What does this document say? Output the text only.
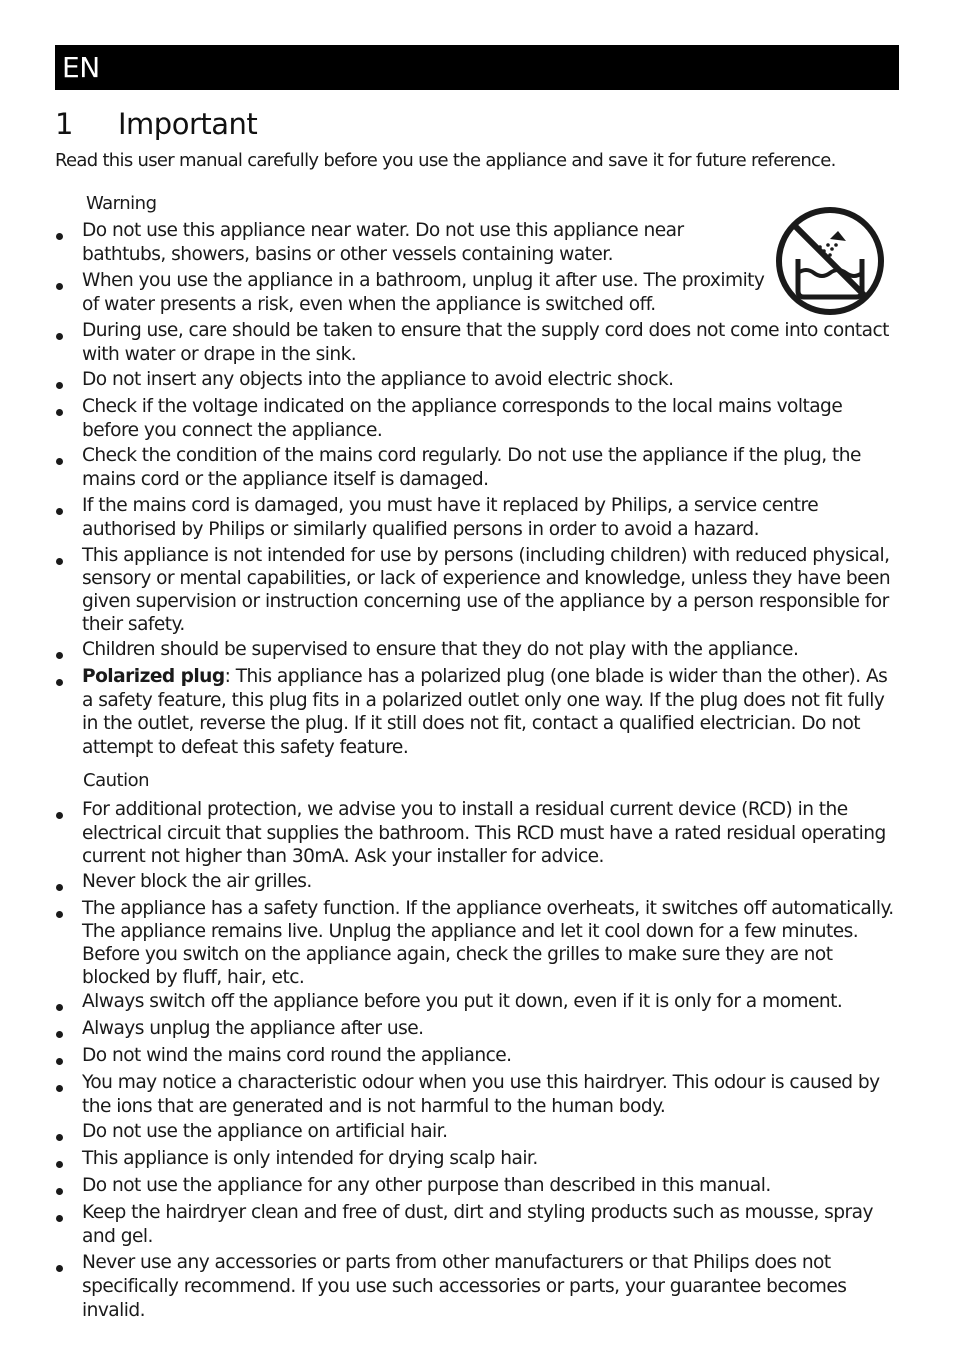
EN
1 Important
Read this user manual carefully before you use the appliance and save it for future reference.
Warning
Do not use this appliance near water. Do not use this appliance near bathtubs, showers, basins or other vessels containing water.
When you use the appliance in a bathroom, unplug it after use. The proximity of water presents a risk, even when the appliance is switched off.
During use, care should be taken to ensure that the supply cord does not come into contact with water or drape in the sink.
Do not insert any objects into the appliance to avoid electric shock.
Check if the voltage indicated on the appliance corresponds to the local mains voltage before you connect the appliance.
Check the condition of the mains cord regularly. Do not use the appliance if the plug, the mains cord or the appliance itself is damaged.
If the mains cord is damaged, you must have it replaced by Philips, a service centre authorised by Philips or similarly qualified persons in order to avoid a hazard.
This appliance is not intended for use by persons (including children) with reduced physical, sensory or mental capabilities, or lack of experience and knowledge, unless they have been given supervision or instruction concerning use of the appliance by a person responsible for their safety.
Children should be supervised to ensure that they do not play with the appliance.
Polarized plug: This appliance has a polarized plug (one blade is wider than the other). As a safety feature, this plug fits in a polarized outlet only one way. If the plug does not fit fully in the outlet, reverse the plug. If it still does not fit, contact a qualified electrician. Do not attempt to defeat this safety feature.
Caution
For additional protection, we advise you to install a residual current device (RCD) in the electrical circuit that supplies the bathroom. This RCD must have a rated residual operating current not higher than 30mA. Ask your installer for advice.
Never block the air grilles.
The appliance has a safety function. If the appliance overheats, it switches off automatically. The appliance remains live. Unplug the appliance and let it cool down for a few minutes. Before you switch on the appliance again, check the grilles to make sure they are not blocked by fluff, hair, etc.
Always switch off the appliance before you put it down, even if it is only for a moment.
Always unplug the appliance after use.
Do not wind the mains cord round the appliance.
You may notice a characteristic odour when you use this hairdryer. This odour is caused by the ions that are generated and is not harmful to the human body.
Do not use the appliance on artificial hair.
This appliance is only intended for drying scalp hair.
Do not use the appliance for any other purpose than described in this manual.
Keep the hairdryer clean and free of dust, dirt and styling products such as mousse, spray and gel.
Never use any accessories or parts from other manufacturers or that Philips does not specifically recommend. If you use such accessories or parts, your guarantee becomes invalid.
